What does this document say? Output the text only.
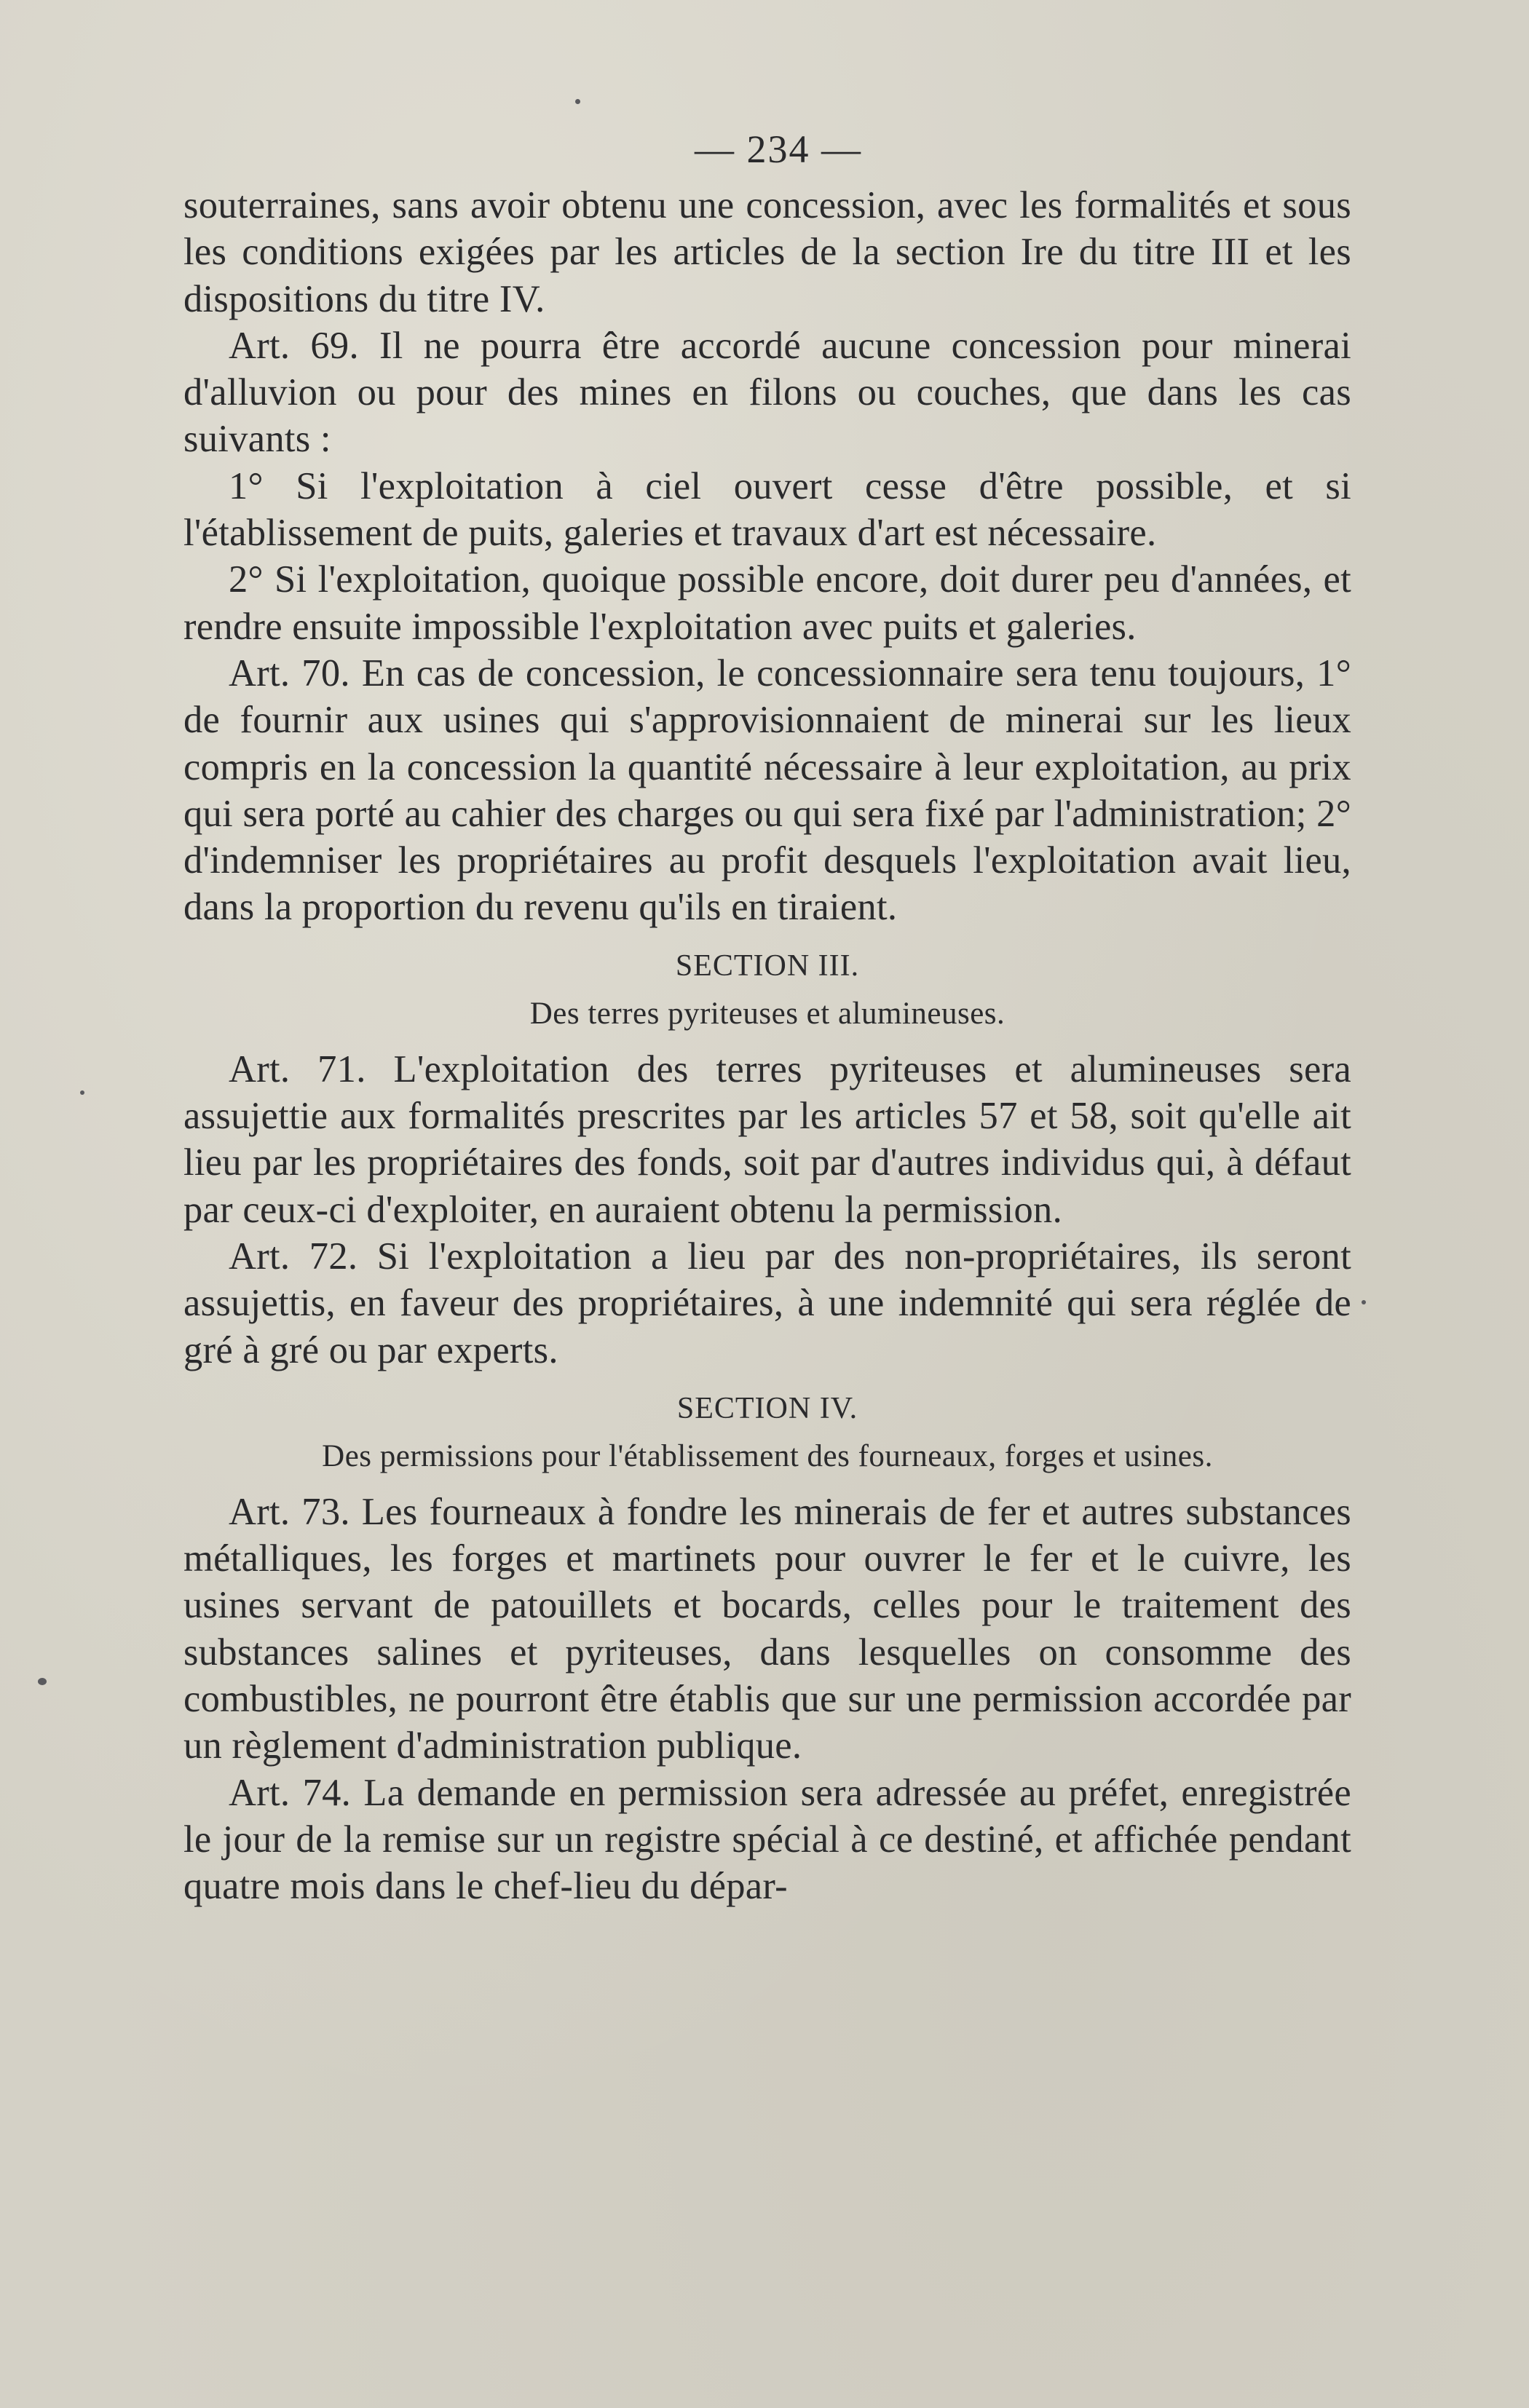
— 234 —

souterraines, sans avoir obtenu une concession, avec les formalités et sous les conditions exigées par les articles de la section Ire du titre III et les dispositions du titre IV.

Art. 69. Il ne pourra être accordé aucune concession pour minerai d'alluvion ou pour des mines en filons ou couches, que dans les cas suivants :

1° Si l'exploitation à ciel ouvert cesse d'être possible, et si l'établissement de puits, galeries et travaux d'art est nécessaire.

2° Si l'exploitation, quoique possible encore, doit durer peu d'années, et rendre ensuite impossible l'exploitation avec puits et galeries.

Art. 70. En cas de concession, le concessionnaire sera tenu toujours, 1° de fournir aux usines qui s'approvisionnaient de minerai sur les lieux compris en la concession la quantité nécessaire à leur exploitation, au prix qui sera porté au cahier des charges ou qui sera fixé par l'administration; 2° d'indemniser les propriétaires au profit desquels l'exploitation avait lieu, dans la proportion du revenu qu'ils en tiraient.

SECTION III.
Des terres pyriteuses et alumineuses.

Art. 71. L'exploitation des terres pyriteuses et alumineuses sera assujettie aux formalités prescrites par les articles 57 et 58, soit qu'elle ait lieu par les propriétaires des fonds, soit par d'autres individus qui, à défaut par ceux-ci d'exploiter, en auraient obtenu la permission.

Art. 72. Si l'exploitation a lieu par des non-propriétaires, ils seront assujettis, en faveur des propriétaires, à une indemnité qui sera réglée de gré à gré ou par experts.

SECTION IV.
Des permissions pour l'établissement des fourneaux, forges et usines.

Art. 73. Les fourneaux à fondre les minerais de fer et autres substances métalliques, les forges et martinets pour ouvrer le fer et le cuivre, les usines servant de patouillets et bocards, celles pour le traitement des substances salines et pyriteuses, dans lesquelles on consomme des combustibles, ne pourront être établis que sur une permission accordée par un règlement d'administration publique.

Art. 74. La demande en permission sera adressée au préfet, enregistrée le jour de la remise sur un registre spécial à ce destiné, et affichée pendant quatre mois dans le chef-lieu du dépar-
